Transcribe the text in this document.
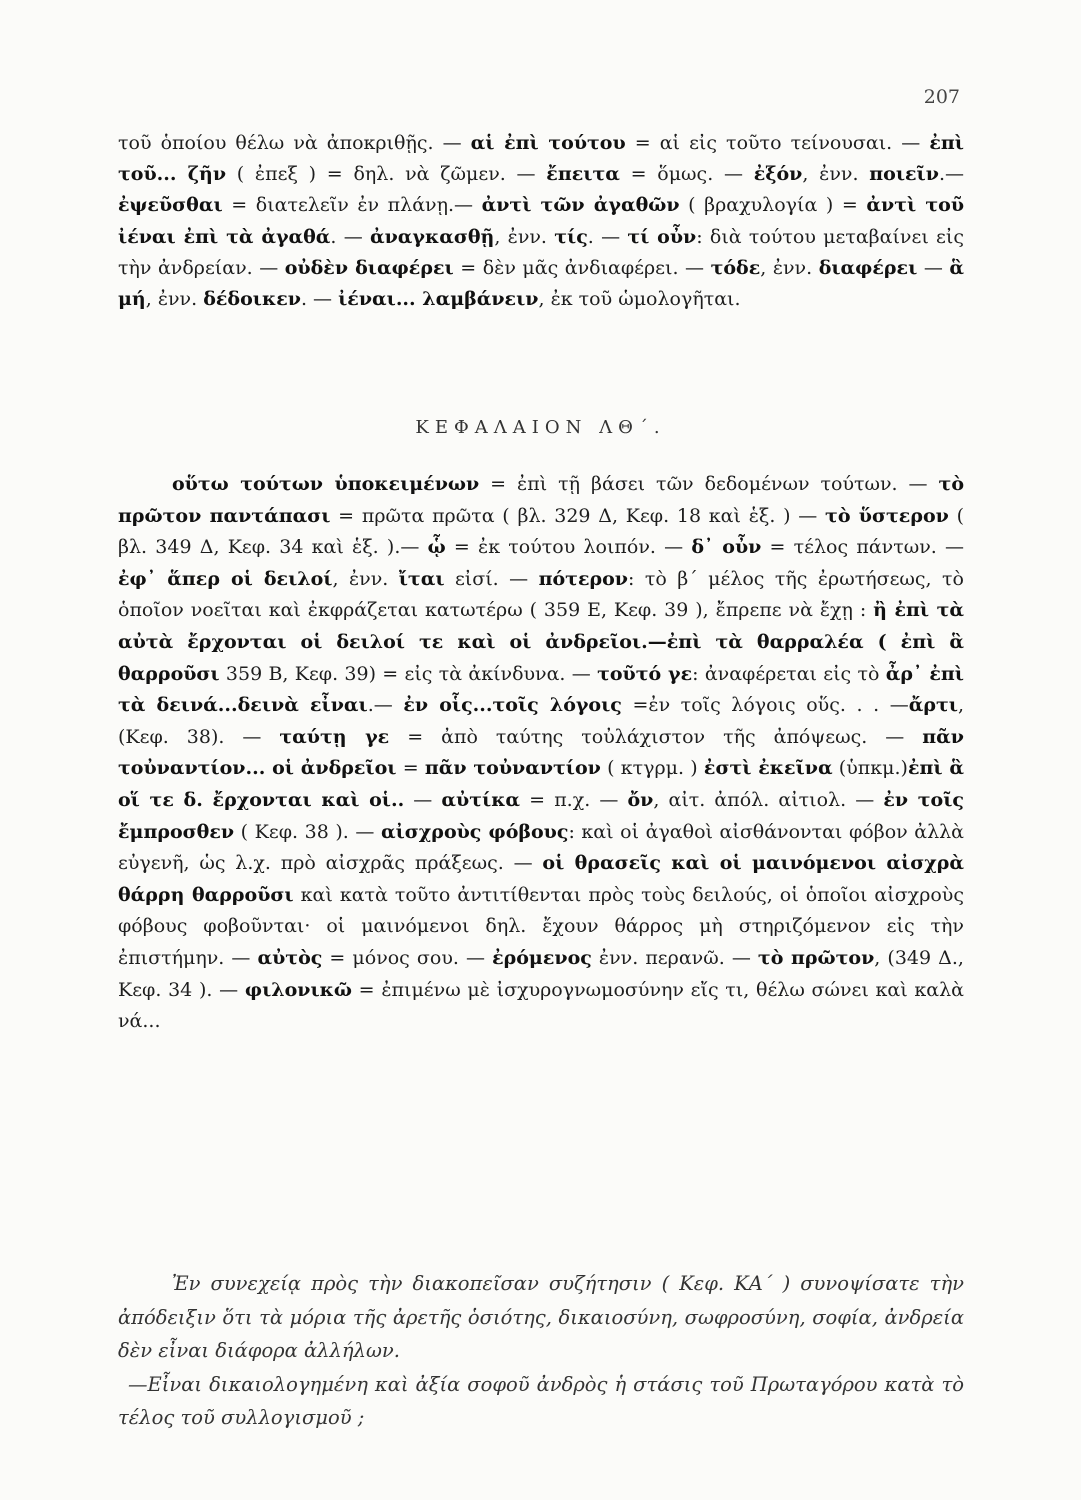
207

τοῦ ὁποίου θέλω νὰ ἀποκριθῇς. — αἱ ἐπὶ τούτου = αἱ εἰς τοῦτο τείνουσαι. — ἐπὶ τοῦ... ζῆν ( ἐπεξ ) = δηλ. νὰ ζῶμεν. — ἔπειτα = ὅμως. — ἐξόν, ἐνν. ποιεῖν.— ἐψεῦσθαι = διατελεῖν ἐν πλάνῃ.— ἀντὶ τῶν ἀγαθῶν ( βραχυλογία ) = ἀντὶ τοῦ ἰέναι ἐπὶ τὰ ἀγαθά. — ἀναγκασθῇ, ἐνν. τίς. — τί οὖν: διὰ τούτου μεταβαίνει εἰς τὴν ἀνδρείαν. — οὐδὲν διαφέρει = δὲν μᾶς ἀνδιαφέρει. — τόδε, ἐνν. διαφέρει — ἃ μή, ἐνν. δέδοικεν. — ἰέναι... λαμβάνειν, ἐκ τοῦ ὡμολογῆται.

ΚΕΦΑΛΑΙΟΝ ΛΘ΄.

οὕτω τούτων ὑποκειμένων = ἐπὶ τῇ βάσει τῶν δεδομένων τούτων. — τὸ πρῶτον παντάπασι = πρῶτα πρῶτα ( βλ. 329 Δ, Κεφ. 18 καὶ ἑξ. ) — τὸ ὕστερον ( βλ. 349 Δ, Κεφ. 34 καὶ ἑξ. ).— ᾧ = ἐκ τούτου λοιπόν. — δ᾽ οὖν = τέλος πάντων. — ἐφ᾽ ἅπερ οἱ δειλοί, ἐνν. ἴται εἰσί. — πότερον: τὸ β΄ μέλος τῆς ἐρωτήσεως, τὸ ὁποῖον νοεῖται καὶ ἐκφράζεται κατωτέρω ( 359 Ε, Κεφ. 39 ), ἔπρεπε νὰ ἔχῃ : ἢ ἐπὶ τὰ αὐτὰ ἔρχονται οἱ δειλοί τε καὶ οἱ ἀνδρεῖοι.—ἐπὶ τὰ θαρραλέα ( ἐπὶ ἃ θαρροῦσι 359 Β, Κεφ. 39) = εἰς τὰ ἀκίνδυνα. — τοῦτό γε: ἀναφέρεται εἰς τὸ ἆρ᾽ ἐπὶ τὰ δεινά...δεινὰ εἶναι.— ἐν οἷς...τοῖς λόγοις =ἐν τοῖς λόγοις οὕς. . . —ἄρτι, (Κεφ. 38). — ταύτῃ γε = ἀπὸ ταύτης τοὐλάχιστον τῆς ἀπόψεως. — πᾶν τοὐναντίον... οἱ ἀνδρεῖοι = πᾶν τοὐναντίον ( κτγρμ. ) ἐστὶ ἐκεῖνα (ὑπκμ.)ἐπὶ ἃ οἵ τε δ. ἔρχονται καὶ οἱ.. — αὐτίκα = π.χ. — ὄν, αἰτ. ἀπόλ. αἰτιολ. — ἐν τοῖς ἔμπροσθεν ( Κεφ. 38 ). — αἰσχροὺς φόβους: καὶ οἱ ἀγαθοὶ αἰσθάνονται φόβον ἀλλὰ εὐγενῆ, ὡς λ.χ. πρὸ αἰσχρᾶς πράξεως. — οἱ θρασεῖς καὶ οἱ μαινόμενοι αἰσχρὰ θάρρη θαρροῦσι καὶ κατὰ τοῦτο ἀντιτίθενται πρὸς τοὺς δειλούς, οἱ ὁποῖοι αἰσχροὺς φόβους φοβοῦνται· οἱ μαινόμενοι δηλ. ἔχουν θάρρος μὴ στηριζόμενον εἰς τὴν ἐπιστήμην. — αὐτὸς = μόνος σου. — ἐρόμενος ἐνν. περανῶ. — τὸ πρῶτον, (349 Δ., Κεφ. 34 ). — φιλονικῶ = ἐπιμένω μὲ ἰσχυρογνωμοσύνην εἴς τι, θέλω σώνει καὶ καλὰ νά...

Ἐν συνεχείᾳ πρὸς τὴν διακοπεῖσαν συζήτησιν ( Κεφ. ΚΑ΄ ) συνοψίσατε τὴν ἀπόδειξιν ὅτι τὰ μόρια τῆς ἀρετῆς ὁσιότης, δικαιοσύνη, σωφροσύνη, σοφία, ἀνδρεία δὲν εἶναι διάφορα ἀλλήλων.

—Εἶναι δικαιολογημένη καὶ ἀξία σοφοῦ ἀνδρὸς ἡ στάσις τοῦ Πρωταγόρου κατὰ τὸ τέλος τοῦ συλλογισμοῦ ;
